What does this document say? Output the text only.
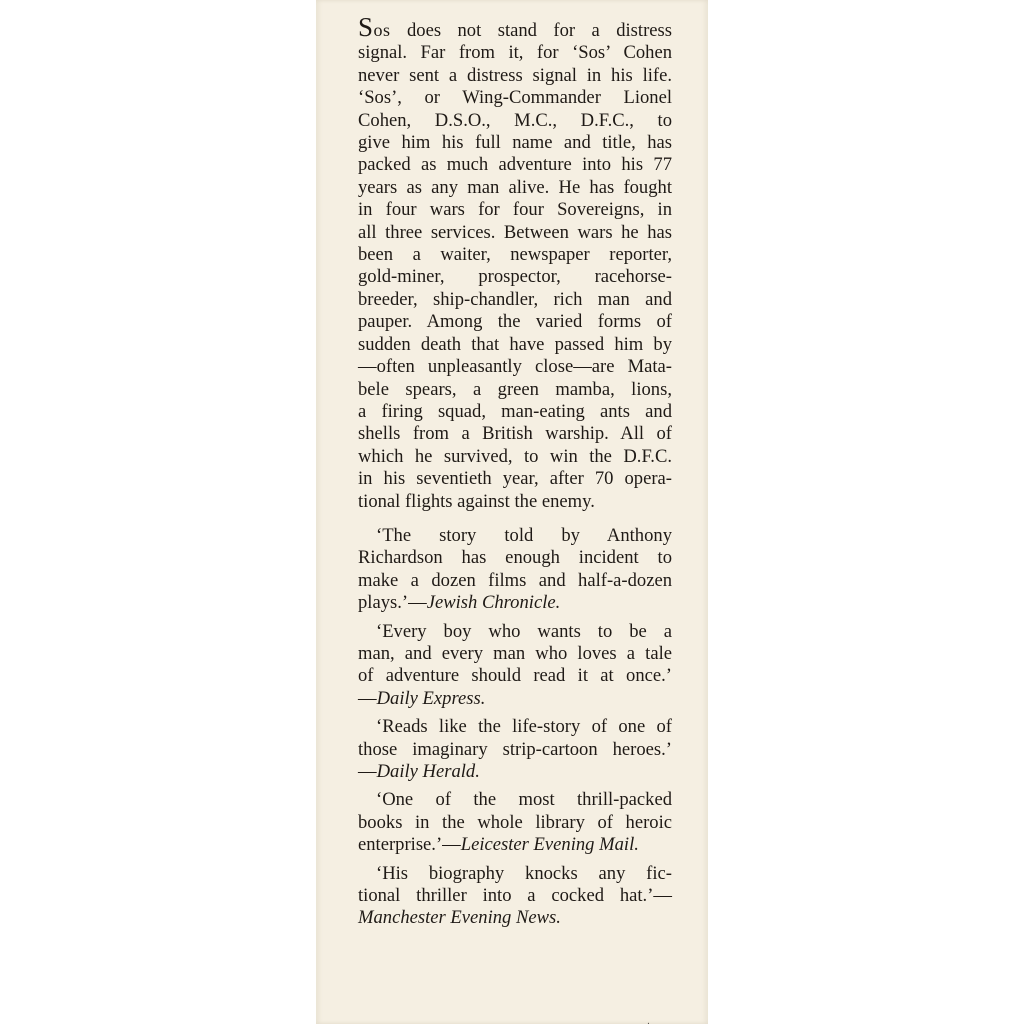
Sos does not stand for a distress
signal. Far from it, for ‘Sos’ Cohen
never sent a distress signal in his life.
‘Sos’, or Wing-Commander Lionel
Cohen, D.S.O., M.C., D.F.C., to
give him his full name and title, has
packed as much adventure into his 77
years as any man alive. He has fought
in four wars for four Sovereigns, in
all three services. Between wars he has
been a waiter, newspaper reporter,
gold-miner, prospector, racehorse-
breeder, ship-chandler, rich man and
pauper. Among the varied forms of
sudden death that have passed him by
—often unpleasantly close—are Mata-
bele spears, a green mamba, lions,
a firing squad, man-eating ants and
shells from a British warship. All of
which he survived, to win the D.F.C.
in his seventieth year, after 70 opera-
tional flights against the enemy.

‘The story told by Anthony
Richardson has enough incident to
make a dozen films and half-a-dozen
plays.’—Jewish Chronicle.

‘Every boy who wants to be a
man, and every man who loves a tale
of adventure should read it at once.’
—Daily Express.

‘Reads like the life-story of one of
those imaginary strip-cartoon heroes.’
—Daily Herald.

‘One of the most thrill-packed
books in the whole library of heroic
enterprise.’—Leicester Evening Mail.

‘His biography knocks any fic-
tional thriller into a cocked hat.’—
Manchester Evening News.

ˌ
